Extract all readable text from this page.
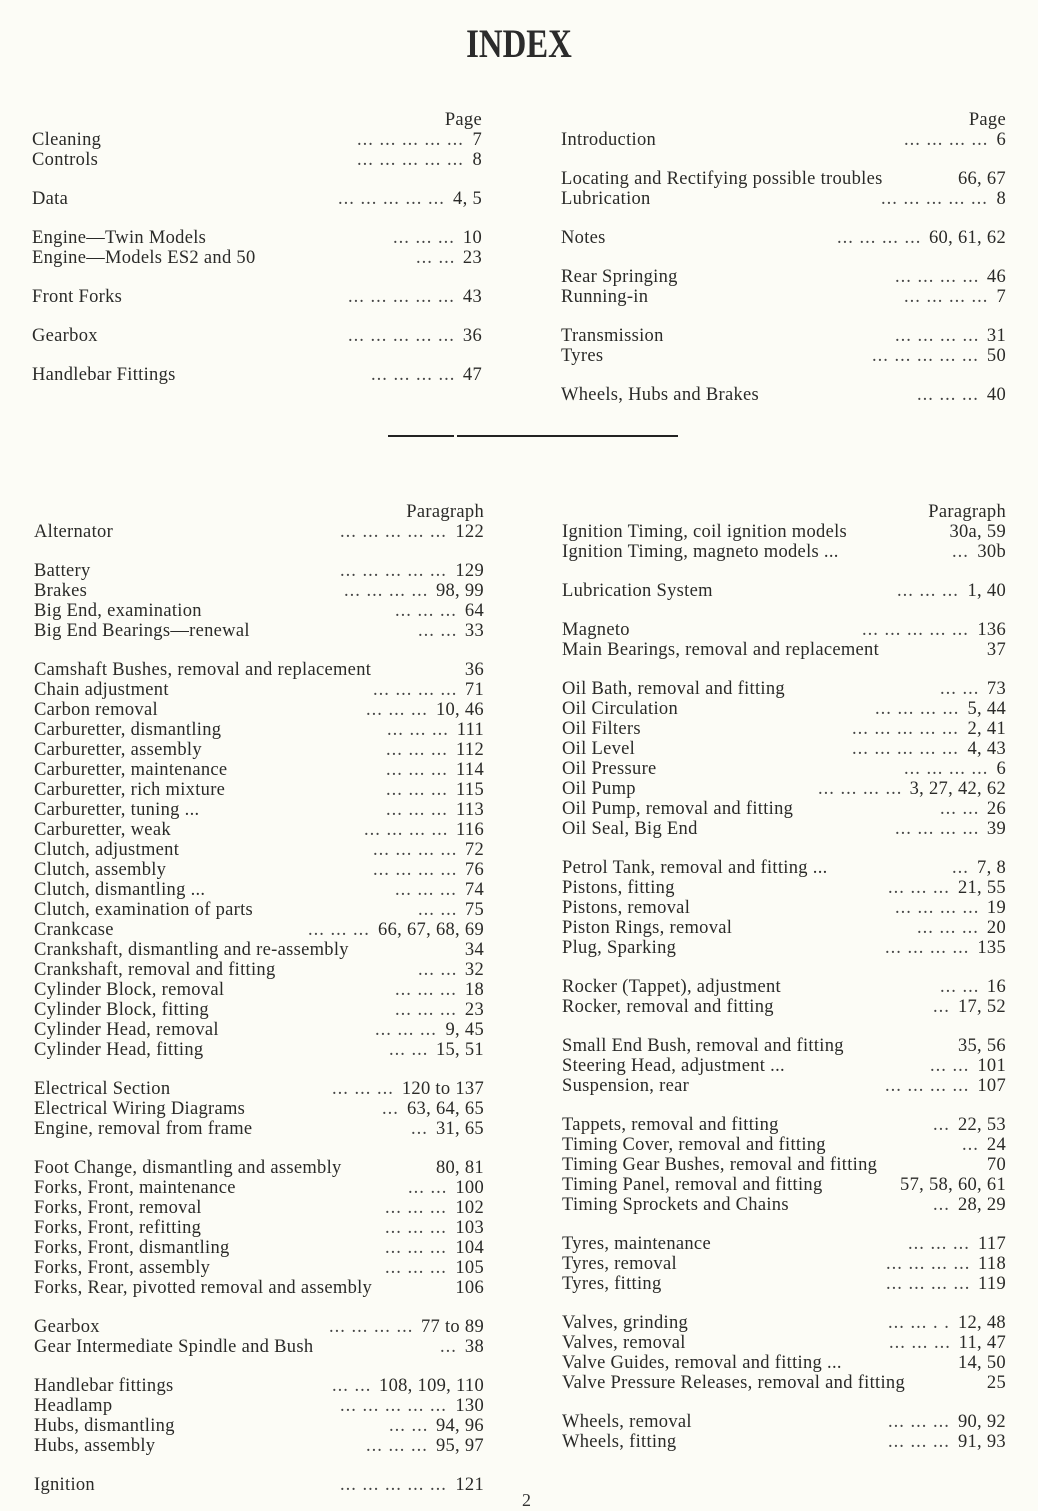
INDEX
Page
Cleaning	... ... ... ... ... 7
Controls	... ... ... ... ... 8
Data	... ... ... ... ... 4, 5
Engine—Twin Models	... ... ... 10
Engine—Models ES2 and 50	... ... 23
Front Forks	... ... ... ... ... 43
Gearbox	... ... ... ... ... 36
Handlebar Fittings	... ... ... ... 47
Page
Introduction	... ... ... ... 6
Locating and Rectifying possible troubles	66, 67
Lubrication	... ... ... ... ... 8
Notes	... ... ... ... 60, 61, 62
Rear Springing	... ... ... ... 46
Running-in	... ... ... ... 7
Transmission	... ... ... ... 31
Tyres	... ... ... ... ... 50
Wheels, Hubs and Brakes	... ... ... 40
Paragraph
Alternator	... ... ... ... ... 122
Battery	... ... ... ... ... 129
Brakes	... ... ... ... 98, 99
Big End, examination	... ... ... 64
Big End Bearings—renewal	... ... 33
Camshaft Bushes, removal and replacement	36
Chain adjustment	... ... ... ... 71
Carbon removal	... ... ... 10, 46
Carburetter, dismantling	... ... ... 111
Carburetter, assembly	... ... ... 112
Carburetter, maintenance	... ... ... 114
Carburetter, rich mixture	... ... ... 115
Carburetter, tuning ...	... ... ... 113
Carburetter, weak	... ... ... ... 116
Clutch, adjustment	... ... ... ... 72
Clutch, assembly	... ... ... ... 76
Clutch, dismantling ...	... ... ... 74
Clutch, examination of parts	... ... 75
Crankcase	... ... ... 66, 67, 68, 69
Crankshaft, dismantling and re-assembly	34
Crankshaft, removal and fitting	... ... 32
Cylinder Block, removal	... ... ... 18
Cylinder Block, fitting	... ... ... 23
Cylinder Head, removal	... ... ... 9, 45
Cylinder Head, fitting	... ... 15, 51
Electrical Section	... ... ... 120 to 137
Electrical Wiring Diagrams	... 63, 64, 65
Engine, removal from frame	... 31, 65
Foot Change, dismantling and assembly	80, 81
Forks, Front, maintenance	... ... 100
Forks, Front, removal	... ... ... 102
Forks, Front, refitting	... ... ... 103
Forks, Front, dismantling	... ... ... 104
Forks, Front, assembly	... ... ... 105
Forks, Rear, pivotted removal and assembly	106
Gearbox	... ... ... ... 77 to 89
Gear Intermediate Spindle and Bush	... 38
Handlebar fittings	... ... 108, 109, 110
Headlamp	... ... ... ... ... 130
Hubs, dismantling	... ... 94, 96
Hubs, assembly	... ... ... 95, 97
Ignition	... ... ... ... ... 121
Paragraph
Ignition Timing, coil ignition models	30a, 59
Ignition Timing, magneto models ...	... 30b
Lubrication System	... ... ... 1, 40
Magneto	... ... ... ... ... 136
Main Bearings, removal and replacement	37
Oil Bath, removal and fitting	... ... 73
Oil Circulation	... ... ... ... 5, 44
Oil Filters	... ... ... ... ... 2, 41
Oil Level	... ... ... ... ... 4, 43
Oil Pressure	... ... ... ... 6
Oil Pump	... ... ... ... 3, 27, 42, 62
Oil Pump, removal and fitting	... ... 26
Oil Seal, Big End	... ... ... ... 39
Petrol Tank, removal and fitting ...	... 7, 8
Pistons, fitting	... ... ... 21, 55
Pistons, removal	... ... ... ... 19
Piston Rings, removal	... ... ... 20
Plug, Sparking	... ... ... ... 135
Rocker (Tappet), adjustment	... ... 16
Rocker, removal and fitting	... 17, 52
Small End Bush, removal and fitting	35, 56
Steering Head, adjustment ...	... ... 101
Suspension, rear	... ... ... ... 107
Tappets, removal and fitting	... 22, 53
Timing Cover, removal and fitting	... 24
Timing Gear Bushes, removal and fitting	70
Timing Panel, removal and fitting	57, 58, 60, 61
Timing Sprockets and Chains	... 28, 29
Tyres, maintenance	... ... ... 117
Tyres, removal	... ... ... ... 118
Tyres, fitting	... ... ... ... 119
Valves, grinding	... ... . . 12, 48
Valves, removal	... ... ... 11, 47
Valve Guides, removal and fitting ...	14, 50
Valve Pressure Releases, removal and fitting	25
Wheels, removal	... ... ... 90, 92
Wheels, fitting	... ... ... 91, 93
2
